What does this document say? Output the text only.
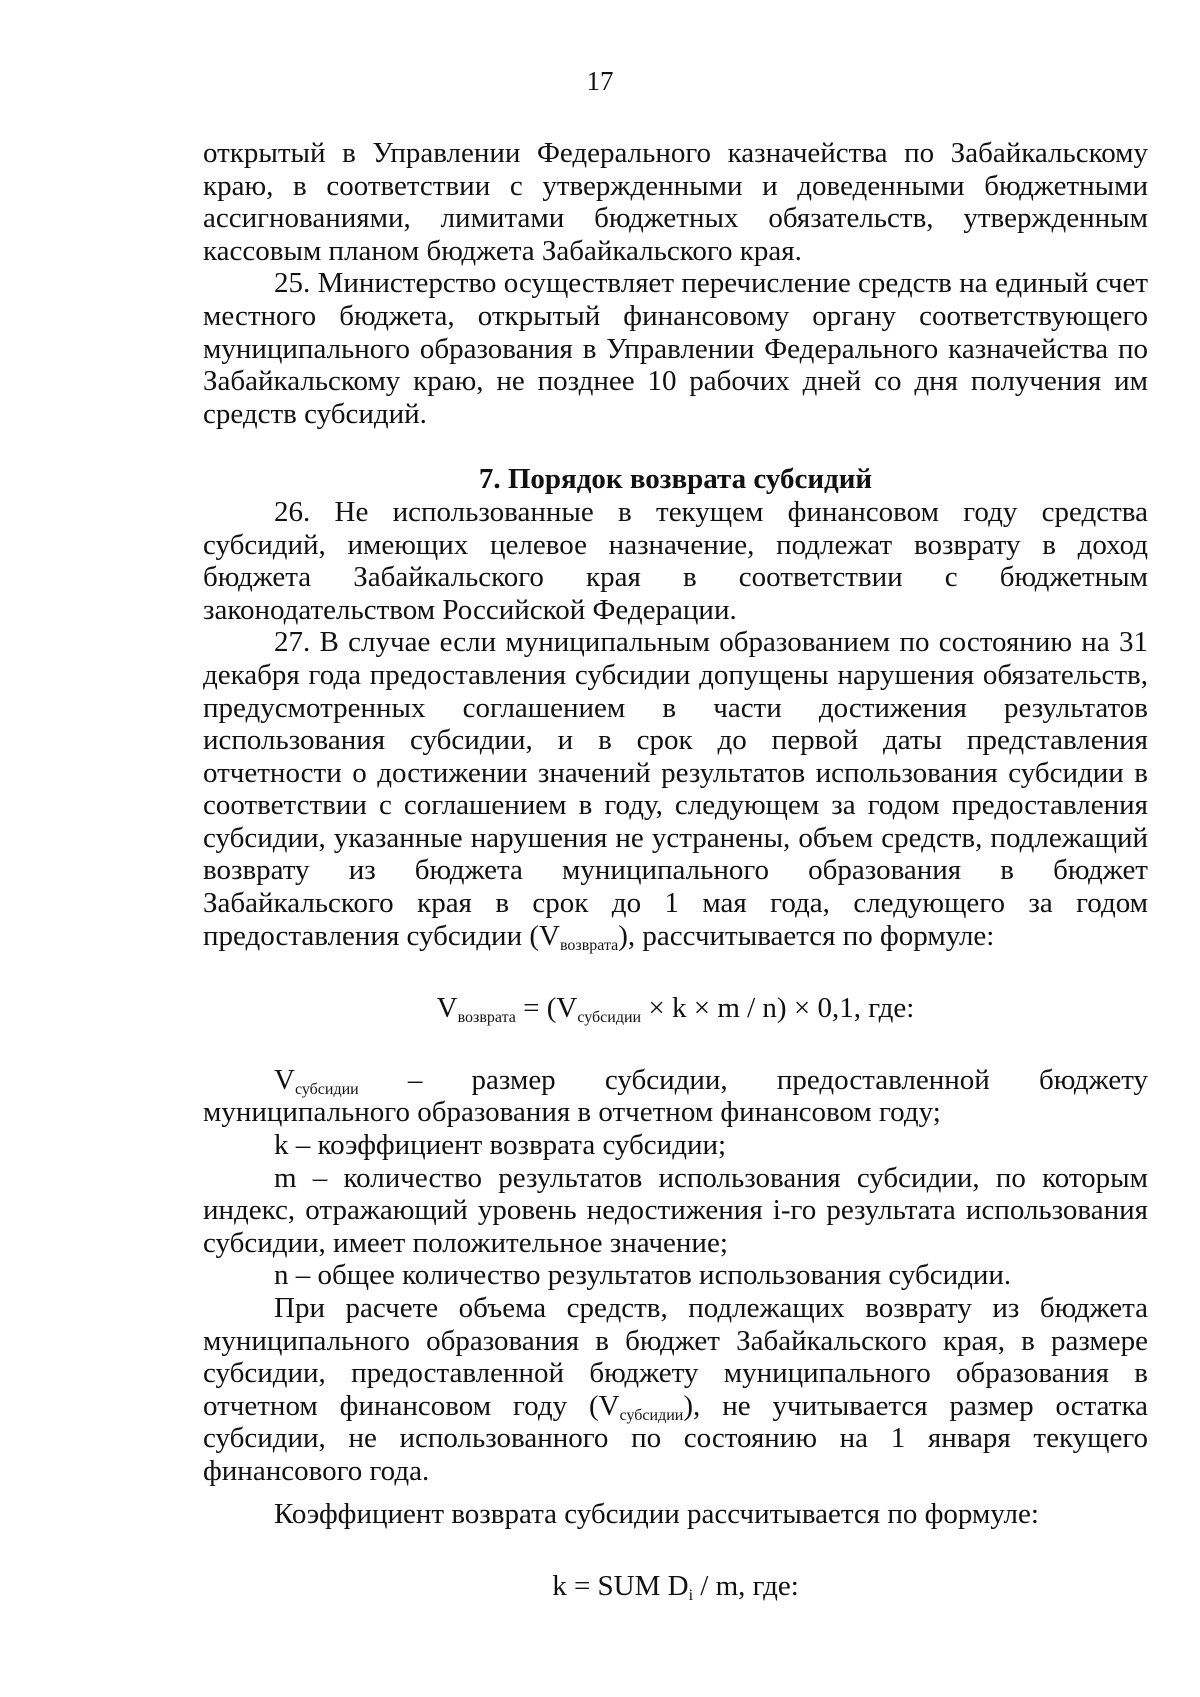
17

открытый в Управлении Федерального казначейства по Забайкальскому краю, в соответствии с утвержденными и доведенными бюджетными ассигнованиями, лимитами бюджетных обязательств, утвержденным кассовым планом бюджета Забайкальского края.

25. Министерство осуществляет перечисление средств на единый счет местного бюджета, открытый финансовому органу соответствующего муниципального образования в Управлении Федерального казначейства по Забайкальскому краю, не позднее 10 рабочих дней со дня получения им средств субсидий.

7. Порядок возврата субсидий

26. Не использованные в текущем финансовом году средства субсидий, имеющих целевое назначение, подлежат возврату в доход бюджета Забайкальского края в соответствии с бюджетным законодательством Российской Федерации.

27. В случае если муниципальным образованием по состоянию на 31 декабря года предоставления субсидии допущены нарушения обязательств, предусмотренных соглашением в части достижения результатов использования субсидии, и в срок до первой даты представления отчетности о достижении значений результатов использования субсидии в соответствии с соглашением в году, следующем за годом предоставления субсидии, указанные нарушения не устранены, объем средств, подлежащий возврату из бюджета муниципального образования в бюджет Забайкальского края в срок до 1 мая года, следующего за годом предоставления субсидии $(V_{возврата})$, рассчитывается по формуле:

$V_{возврата} = (V_{субсидии} \times k \times m / n) \times 0,1$, где:

$V_{субсидии}$ – размер субсидии, предоставленной бюджету муниципального образования в отчетном финансовом году;

k – коэффициент возврата субсидии;

m – количество результатов использования субсидии, по которым индекс, отражающий уровень недостижения i-го результата использования субсидии, имеет положительное значение;

n – общее количество результатов использования субсидии.

При расчете объема средств, подлежащих возврату из бюджета муниципального образования в бюджет Забайкальского края, в размере субсидии, предоставленной бюджету муниципального образования в отчетном финансовом году $(V_{субсидии})$, не учитывается размер остатка субсидии, не использованного по состоянию на 1 января текущего финансового года.

Коэффициент возврата субсидии рассчитывается по формуле:

k = SUM $D_i$ / m, где:
